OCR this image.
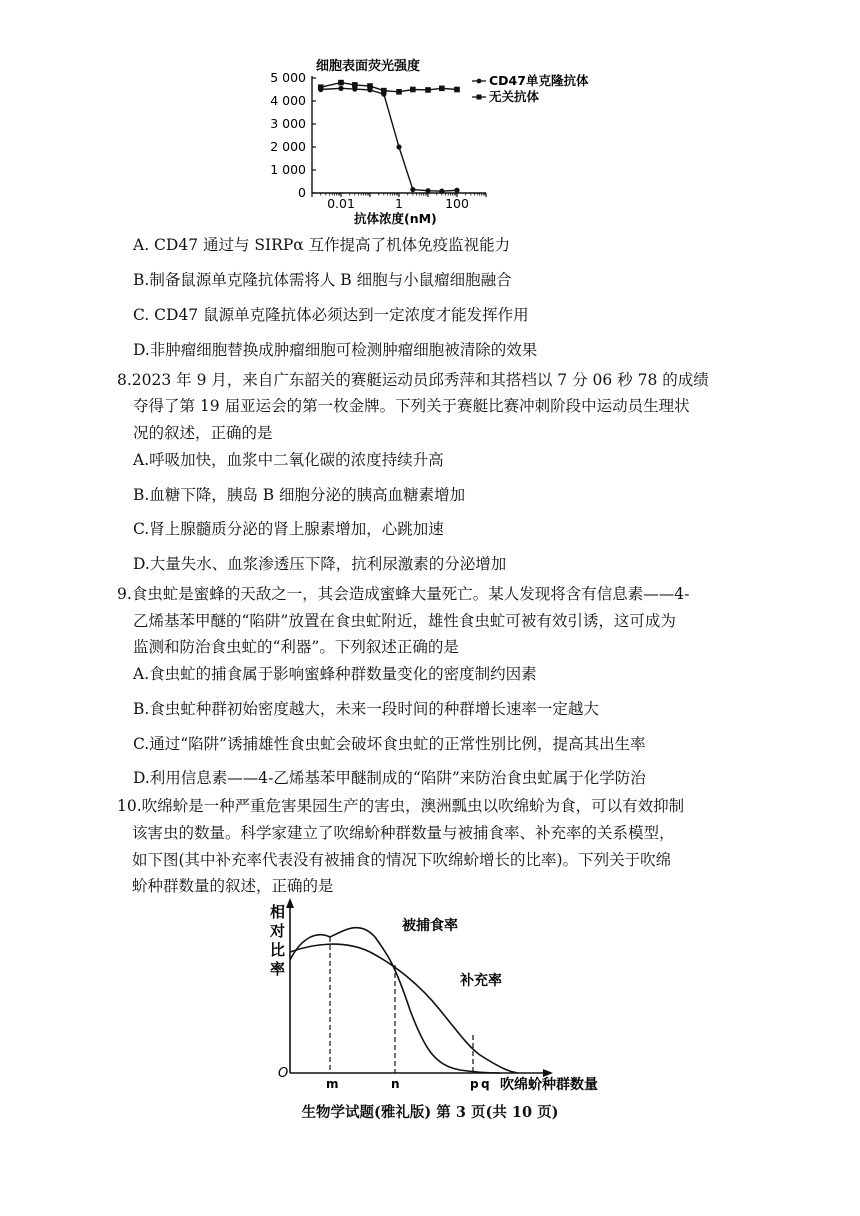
细胞表面荧光强度
5 000
4 000
3 000
2 000
1 000
0
0.01	1	100
CD47单克隆抗体
无关抗体
抗体浓度(nM)
A. CD47 通过与 SIRPα 互作提高了机体免疫监视能力
B.制备鼠源单克隆抗体需将人 B 细胞与小鼠瘤细胞融合
C. CD47 鼠源单克隆抗体必须达到一定浓度才能发挥作用
D.非肿瘤细胞替换成肿瘤细胞可检测肿瘤细胞被清除的效果
8.2023 年 9 月，来自广东韶关的赛艇运动员邱秀萍和其搭档以 7 分 06 秒 78 的成绩
夺得了第 19 届亚运会的第一枚金牌。下列关于赛艇比赛冲刺阶段中运动员生理状
况的叙述，正确的是
A.呼吸加快，血浆中二氧化碳的浓度持续升高
B.血糖下降，胰岛 B 细胞分泌的胰高血糖素增加
C.肾上腺髓质分泌的肾上腺素增加，心跳加速
D.大量失水、血浆渗透压下降，抗利尿激素的分泌增加
9.食虫虻是蜜蜂的天敌之一，其会造成蜜蜂大量死亡。某人发现将含有信息素——4-
乙烯基苯甲醚的“陷阱”放置在食虫虻附近，雄性食虫虻可被有效引诱，这可成为
监测和防治食虫虻的“利器”。下列叙述正确的是
A.食虫虻的捕食属于影响蜜蜂种群数量变化的密度制约因素
B.食虫虻种群初始密度越大，未来一段时间的种群增长速率一定越大
C.通过“陷阱”诱捕雄性食虫虻会破坏食虫虻的正常性别比例，提高其出生率
D.利用信息素——4-乙烯基苯甲醚制成的“陷阱”来防治食虫虻属于化学防治
10.吹绵蚧是一种严重危害果园生产的害虫，澳洲瓢虫以吹绵蚧为食，可以有效抑制
该害虫的数量。科学家建立了吹绵蚧种群数量与被捕食率、补充率的关系模型，
如下图(其中补充率代表没有被捕食的情况下吹绵蚧增长的比率)。下列关于吹绵
蚧种群数量的叙述，正确的是
相
对
比
率
O
被捕食率
补充率
m	n	p q 吹绵蚧种群数量
生物学试题(雅礼版) 第 3 页(共 10 页)
